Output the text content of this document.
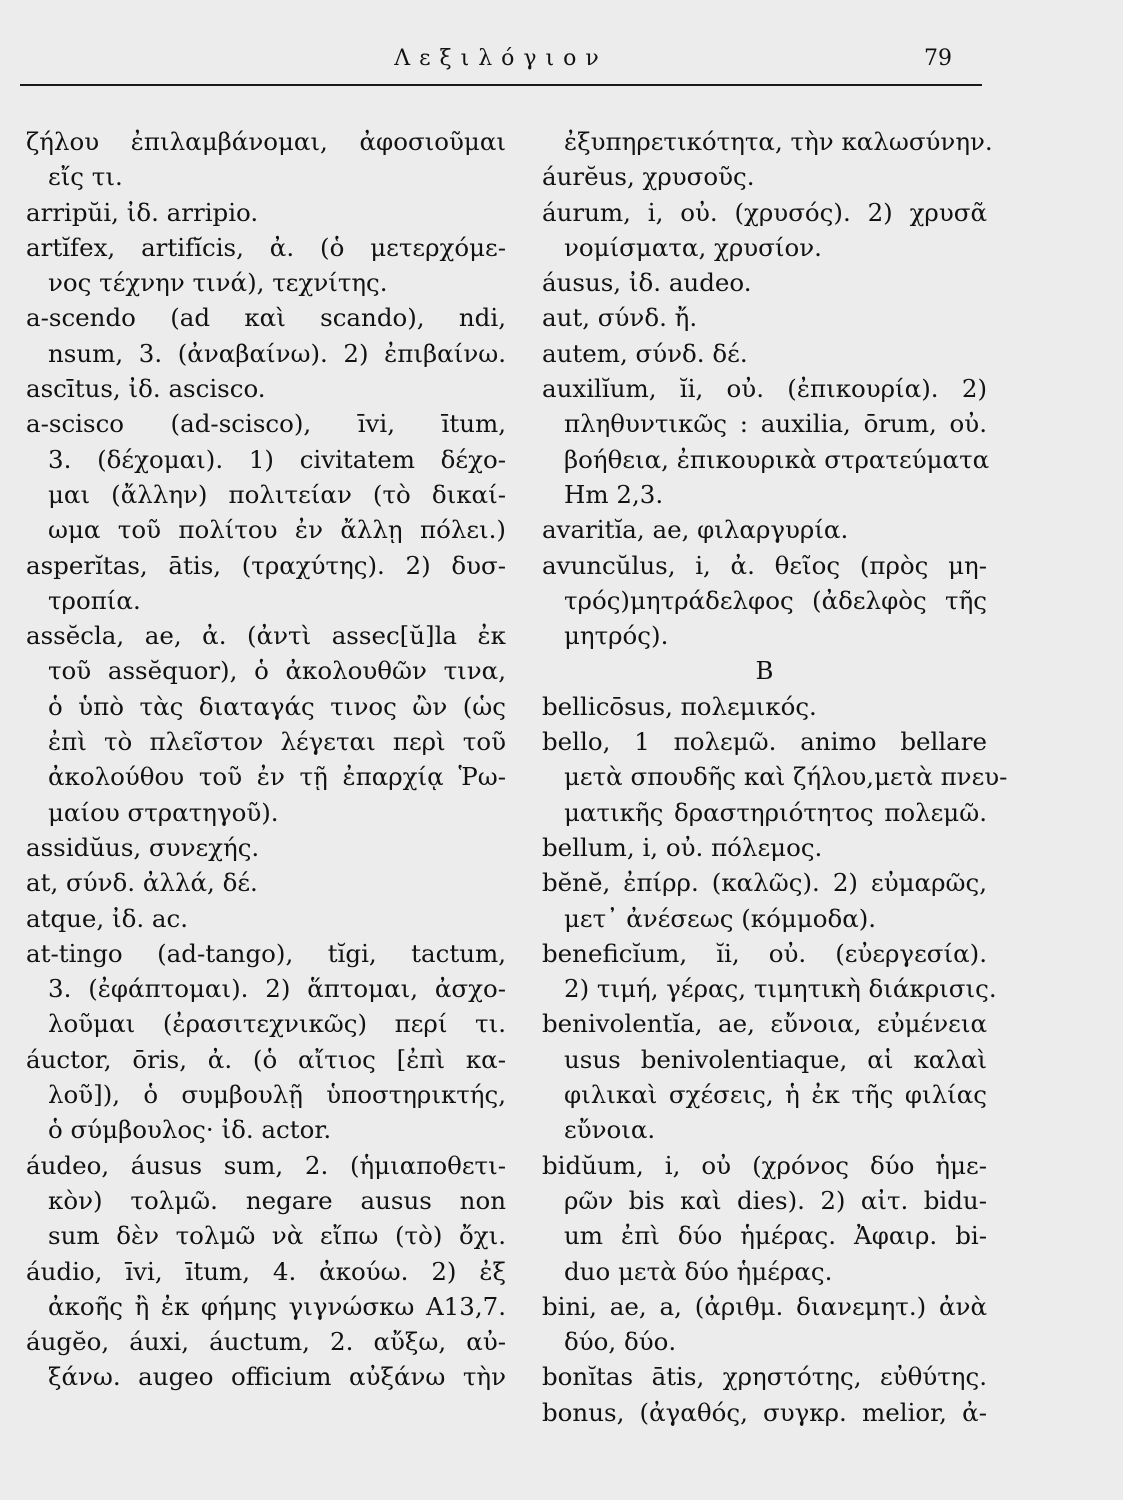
Λεξιλόγιον	79
ζήλου ἐπιλαμβάνομαι, ἀφοσιοῦμαι
εἴς τι.
arripŭi, ἰδ. arripio.
artĭfex, artifĭcis, ἀ. (ὁ μετερχόμε-
νος τέχνην τινά), τεχνίτης.
a-scendo (ad καὶ scando), ndi,
nsum, 3. (ἀναβαίνω). 2) ἐπιβαίνω.
ascītus, ἰδ. ascisco.
a-scisco (ad-scisco), īvi, ītum,
3. (δέχομαι). 1) civitatem δέχο-
μαι (ἄλλην) πολιτείαν (τὸ δικαί-
ωμα τοῦ πολίτου ἐν ἄλλῃ πόλει.)
asperĭtas, ātis, (τραχύτης). 2) δυσ-
τροπία.
assĕcla, ae, ἀ. (ἀντὶ assec[ŭ]la ἐκ
τοῦ assĕquor), ὁ ἀκολουθῶν τινα,
ὁ ὑπὸ τὰς διαταγάς τινος ὢν (ὡς
ἐπὶ τὸ πλεῖστον λέγεται περὶ τοῦ
ἀκολούθου τοῦ ἐν τῇ ἐπαρχίᾳ Ῥω-
μαίου στρατηγοῦ).
assidŭus, συνεχής.
at, σύνδ. ἀλλά, δέ.
atque, ἰδ. ac.
at-tingo (ad-tango), tĭgi, tactum,
3. (ἐφάπτομαι). 2) ἅπτομαι, ἀσχο-
λοῦμαι (ἐρασιτεχνικῶς) περί τι.
áuctor, ōris, ἀ. (ὁ αἴτιος [ἐπὶ κα-
λοῦ]), ὁ συμβουλῇ ὑποστηρικτής,
ὁ σύμβουλος· ἰδ. actor.
áudeo, áusus sum, 2. (ἡμιαποθετι-
κὸν) τολμῶ. negare ausus non
sum δὲν τολμῶ νὰ εἴπω (τὸ) ὄχι.
áudio, īvi, ītum, 4. ἀκούω. 2) ἐξ
ἀκοῆς ἢ ἐκ φήμης γιγνώσκω A13,7.
áugĕo, áuxi, áuctum, 2. αὔξω, αὐ-
ξάνω. augeo officium αὐξάνω τὴν
ἐξυπηρετικότητα, τὴν καλωσύνην.
áurĕus, χρυσοῦς.
áurum, i, οὐ. (χρυσός). 2) χρυσᾶ
νομίσματα, χρυσίον.
áusus, ἰδ. audeo.
aut, σύνδ. ἤ.
autem, σύνδ. δέ.
auxilĭum, ĭi, οὐ. (ἐπικουρία). 2)
πληθυντικῶς : auxilia, ōrum, οὐ.
βοήθεια, ἐπικουρικὰ στρατεύματα
Hm 2,3.
avaritĭa, ae, φιλαργυρία.
avuncŭlus, i, ἀ. θεῖος (πρὸς μη-
τρός)μητράδελφος (ἀδελφὸς τῆς
μητρός).
B
bellicōsus, πολεμικός.
bello, 1 πολεμῶ. animo bellare
μετὰ σπουδῆς καὶ ζήλου,μετὰ πνευ-
ματικῆς δραστηριότητος πολεμῶ.
bellum, i, οὐ. πόλεμος.
bĕnĕ, ἐπίρρ. (καλῶς). 2) εὐμαρῶς,
μετ᾿ ἀνέσεως (κόμμοδα).
beneficĭum, ĭi, οὐ. (εὐεργεσία).
2) τιμή, γέρας, τιμητικὴ διάκρισις.
benivolentĭa, ae, εὔνοια, εὐμένεια
usus benivolentiaque, αἱ καλαὶ
φιλικαὶ σχέσεις, ἡ ἐκ τῆς φιλίας
εὔνοια.
bidŭum, i, οὐ (χρόνος δύο ἡμε-
ρῶν bis καὶ dies). 2) αἰτ. bidu-
um ἐπὶ δύο ἡμέρας. Ἀφαιρ. bi-
duo μετὰ δύο ἡμέρας.
bini, ae, a, (ἀριθμ. διανεμητ.) ἀνὰ
δύο, δύο.
bonĭtas ātis, χρηστότης, εὐθύτης.
bonus, (ἀγαθός, συγκρ. melior, ἀ-
